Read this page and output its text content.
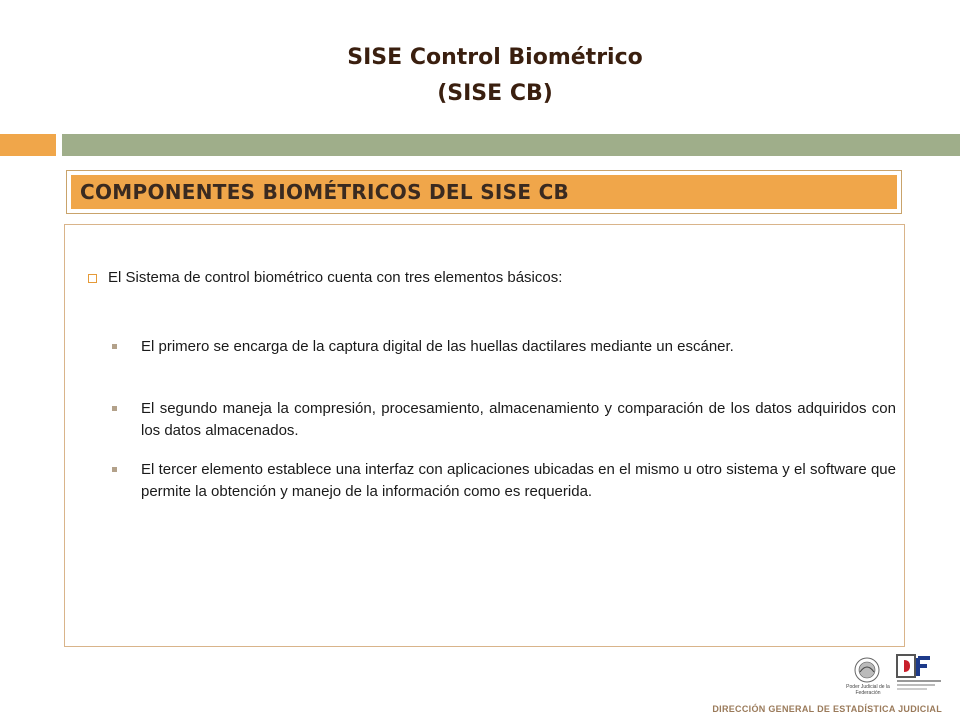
SISE Control Biométrico
(SISE CB)
COMPONENTES BIOMÉTRICOS DEL SISE CB
El Sistema de control biométrico cuenta con tres elementos básicos:
El primero se encarga de la captura digital de las huellas dactilares mediante un escáner.
El segundo maneja la compresión, procesamiento, almacenamiento y comparación de los datos adquiridos con los datos almacenados.
El tercer elemento establece una interfaz con aplicaciones ubicadas en el mismo u otro sistema y el software que permite la obtención y manejo de la información como es requerida.
Poder Judicial de la Federación
DIRECCIÓN GENERAL DE ESTADÍSTICA JUDICIAL
